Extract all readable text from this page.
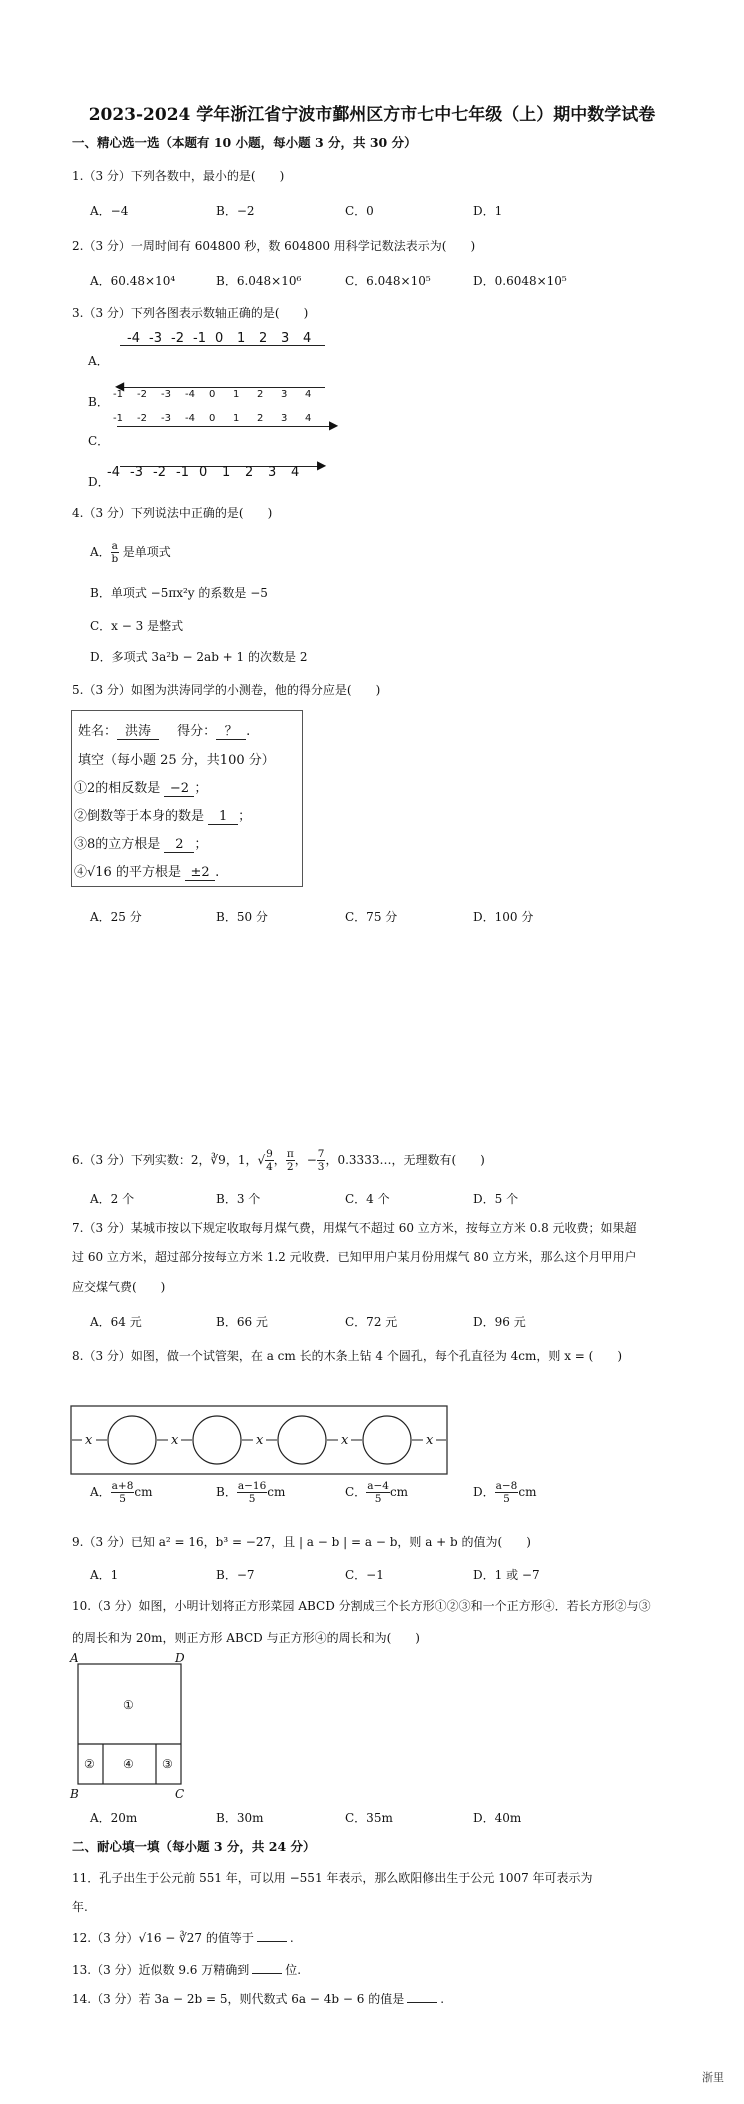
2023-2024 学年浙江省宁波市鄞州区方市七中七年级（上）期中数学试卷
一、精心选一选（本题有 10 小题，每小题 3 分，共 30 分）
1.（3 分）下列各数中，最小的是(　　)
A．−4	B．−2	C．0	D．1
2.（3 分）一周时间有 604800 秒，数 604800 用科学记数法表示为(　　)
A．60.48×10⁴	B．6.048×10⁶	C．6.048×10⁵	D．0.6048×10⁵
3.（3 分）下列各图表示数轴正确的是(　　)
A．
-4 -3 -2 -1 0 1 2 3 4
B．
◀
-1 -2 -3 -4 0 1 2 3 4
C．
▶
-1 -2 -3 -4 0 1 2 3 4
D．
▶
-4 -3 -2 -1 0 1 2 3 4
4.（3 分）下列说法中正确的是(　　)
A． $\frac{a}{b}$ 是单项式
B．单项式 −5πx²y 的系数是 −5
C．x − 3 是整式
D．多项式 3a²b − 2ab + 1 的次数是 2
5.（3 分）如图为洪涛同学的小测卷，他的得分应是(　　)
姓名： 洪涛 得分： ？ .
填空（每小题 25 分，共100 分）
①2的相反数是 −2 ；
②倒数等于本身的数是 1 ；
③8的立方根是 2 ；
④√16 的平方根是 ±2 .
A．25 分	B．50 分	C．75 分	D．100 分
6.（3 分）下列实数：2，∛9，1，√ $\frac{9}{4}$ ， $\frac{\pi}{2}$ ，− $\frac{7}{3}$ ，0.3333…，无理数有(　　)
A．2 个	B．3 个	C．4 个	D．5 个
7.（3 分）某城市按以下规定收取每月煤气费，用煤气不超过 60 立方米，按每立方米 0.8 元收费；如果超
过 60 立方米，超过部分按每立方米 1.2 元收费．已知甲用户某月份用煤气 80 立方米，那么这个月甲用户
应交煤气费(　　)
A．64 元	B．66 元	C．72 元	D．96 元
8.（3 分）如图，做一个试管架，在 a cm 长的木条上钻 4 个圆孔，每个孔直径为 4cm，则 x = (　　)
x	x	x	x	x
A． $\frac{a+8}{5}$ cm	B． $\frac{a-16}{5}$ cm	C． $\frac{a-4}{5}$ cm	D． $\frac{a-8}{5}$ cm
9.（3 分）已知 a² = 16，b³ = −27，且 | a − b | = a − b，则 a + b 的值为(　　)
A．1	B．−7	C．−1	D．1 或 −7
10.（3 分）如图，小明计划将正方形菜园 ABCD 分割成三个长方形①②③和一个正方形④．若长方形②与③
的周长和为 20m，则正方形 ABCD 与正方形④的周长和为(　　)
A	D
B	C
①
② ④ ③
A．20m	B．30m	C．35m	D．40m
二、耐心填一填（每小题 3 分，共 24 分）
11．孔子出生于公元前 551 年，可以用 −551 年表示，那么欧阳修出生于公元 1007 年可表示为
年.
12.（3 分）√16 − ∛27 的值等于	.
13.（3 分）近似数 9.6 万精确到	位.
14.（3 分）若 3a − 2b = 5，则代数式 6a − 4b − 6 的值是	.
浙里
